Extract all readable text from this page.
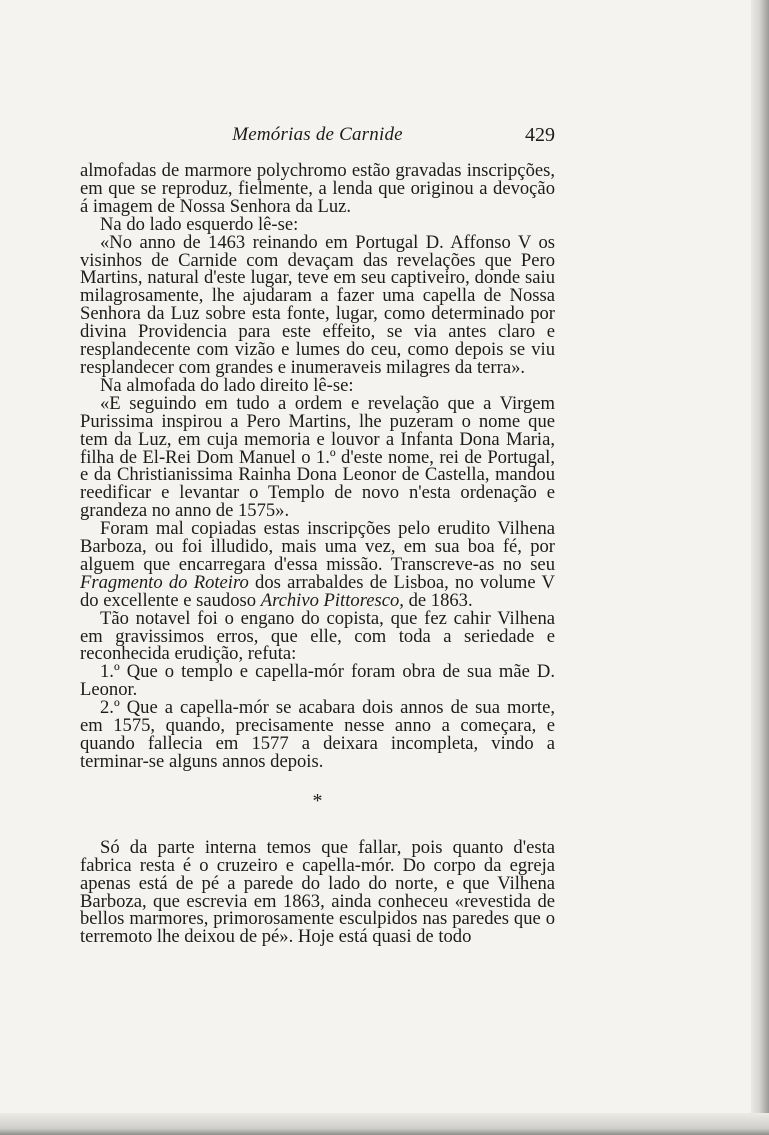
Memórias de Carnide	429

almofadas de marmore polychromo estão gravadas inscripções, em que se reproduz, fielmente, a lenda que originou a devoção á imagem de Nossa Senhora da Luz.

Na do lado esquerdo lê-se:

«No anno de 1463 reinando em Portugal D. Affonso V os visinhos de Carnide com devaçam das revelações que Pero Martins, natural d'este lugar, teve em seu captiveiro, donde saiu milagrosamente, lhe ajudaram a fazer uma capella de Nossa Senhora da Luz sobre esta fonte, lugar, como determinado por divina Providencia para este effeito, se via antes claro e resplandecente com vizão e lumes do ceu, como depois se viu resplandecer com grandes e inumeraveis milagres da terra».

Na almofada do lado direito lê-se:

«E seguindo em tudo a ordem e revelação que a Virgem Purissima inspirou a Pero Martins, lhe puzeram o nome que tem da Luz, em cuja memoria e louvor a Infanta Dona Maria, filha de El-Rei Dom Manuel o 1.º d'este nome, rei de Portugal, e da Christianissima Rainha Dona Leonor de Castella, mandou reedificar e levantar o Templo de novo n'esta ordenação e grandeza no anno de 1575».

Foram mal copiadas estas inscripções pelo erudito Vilhena Barboza, ou foi illudido, mais uma vez, em sua boa fé, por alguem que encarregara d'essa missão. Transcreve-as no seu Fragmento do Roteiro dos arrabaldes de Lisboa, no volume V do excellente e saudoso Archivo Pittoresco, de 1863.

Tão notavel foi o engano do copista, que fez cahir Vilhena em gravissimos erros, que elle, com toda a seriedade e reconhecida erudição, refuta:

1.º Que o templo e capella-mór foram obra de sua mãe D. Leonor.

2.º Que a capella-mór se acabara dois annos de sua morte, em 1575, quando, precisamente nesse anno a começara, e quando fallecia em 1577 a deixara incompleta, vindo a terminar-se alguns annos depois.

*

Só da parte interna temos que fallar, pois quanto d'esta fabrica resta é o cruzeiro e capella-mór. Do corpo da egreja apenas está de pé a parede do lado do norte, e que Vilhena Barboza, que escrevia em 1863, ainda conheceu «revestida de bellos marmores, primorosamente esculpidos nas paredes que o terremoto lhe deixou de pé». Hoje está quasi de todo
